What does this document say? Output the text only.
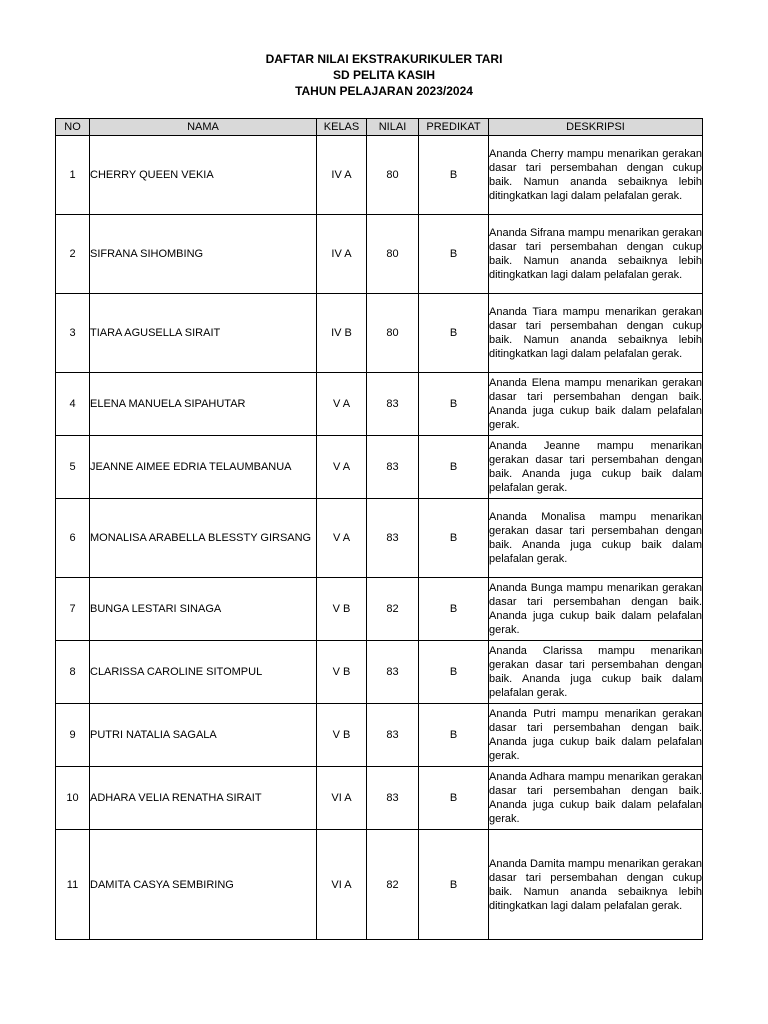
DAFTAR NILAI EKSTRAKURIKULER TARI
SD PELITA KASIH
TAHUN PELAJARAN 2023/2024
NO	NAMA	KELAS	NILAI	PREDIKAT	DESKRIPSI
1	CHERRY QUEEN VEKIA	IV A	80	B	Ananda Cherry mampu menarikan gerakan dasar tari persembahan dengan cukup baik. Namun ananda sebaiknya lebih ditingkatkan lagi dalam pelafalan gerak.
2	SIFRANA SIHOMBING	IV A	80	B	Ananda Sifrana mampu menarikan gerakan dasar tari persembahan dengan cukup baik. Namun ananda sebaiknya lebih ditingkatkan lagi dalam pelafalan gerak.
3	TIARA AGUSELLA SIRAIT	IV B	80	B	Ananda Tiara mampu menarikan gerakan dasar tari persembahan dengan cukup baik. Namun ananda sebaiknya lebih ditingkatkan lagi dalam pelafalan gerak.
4	ELENA MANUELA SIPAHUTAR	V A	83	B	Ananda Elena mampu menarikan gerakan dasar tari persembahan dengan baik. Ananda juga cukup baik dalam pelafalan gerak.
5	JEANNE AIMEE EDRIA TELAUMBANUA	V A	83	B	Ananda Jeanne mampu menarikan gerakan dasar tari persembahan dengan baik. Ananda juga cukup baik dalam pelafalan gerak.
6	MONALISA ARABELLA BLESSTY GIRSANG	V A	83	B	Ananda Monalisa mampu menarikan gerakan dasar tari persembahan dengan baik. Ananda juga cukup baik dalam pelafalan gerak.
7	BUNGA LESTARI SINAGA	V B	82	B	Ananda Bunga mampu menarikan gerakan dasar tari persembahan dengan baik. Ananda juga cukup baik dalam pelafalan gerak.
8	CLARISSA CAROLINE SITOMPUL	V B	83	B	Ananda Clarissa mampu menarikan gerakan dasar tari persembahan dengan baik. Ananda juga cukup baik dalam pelafalan gerak.
9	PUTRI NATALIA SAGALA	V B	83	B	Ananda Putri mampu menarikan gerakan dasar tari persembahan dengan baik. Ananda juga cukup baik dalam pelafalan gerak.
10	ADHARA VELIA RENATHA SIRAIT	VI A	83	B	Ananda Adhara mampu menarikan gerakan dasar tari persembahan dengan baik. Ananda juga cukup baik dalam pelafalan gerak.
11	DAMITA CASYA SEMBIRING	VI A	82	B	Ananda Damita mampu menarikan gerakan dasar tari persembahan dengan cukup baik. Namun ananda sebaiknya lebih ditingkatkan lagi dalam pelafalan gerak.
